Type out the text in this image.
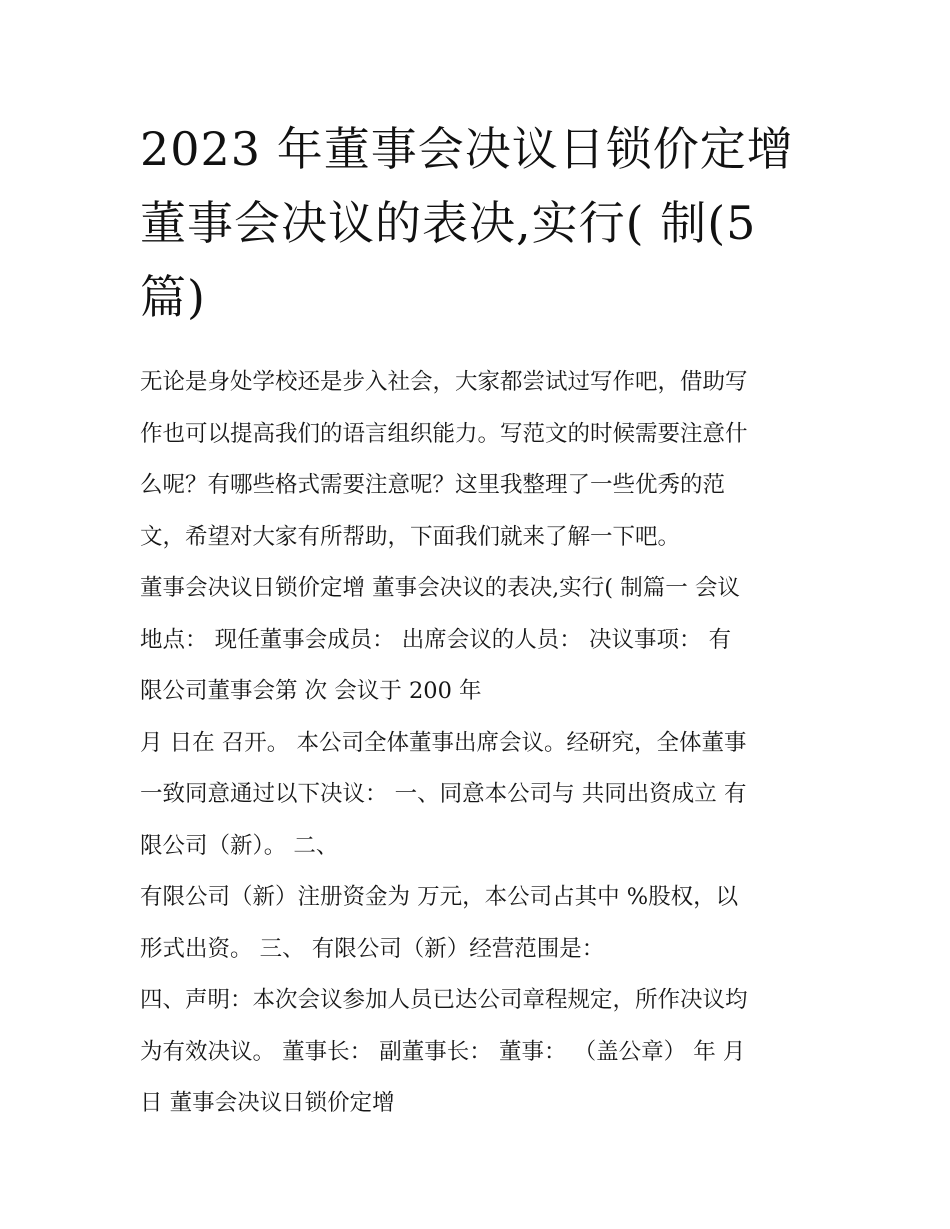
2023 年董事会决议日锁价定增
董事会决议的表决,实行( 制(5
篇)
无论是身处学校还是步入社会，大家都尝试过写作吧，借助写
作也可以提高我们的语言组织能力。写范文的时候需要注意什
么呢？有哪些格式需要注意呢？这里我整理了一些优秀的范
文，希望对大家有所帮助，下面我们就来了解一下吧。
董事会决议日锁价定增 董事会决议的表决,实行( 制篇一 会议
地点： 现任董事会成员： 出席会议的人员： 决议事项： 有
限公司董事会第 次 会议于 200 年
月 日在 召开。 本公司全体董事出席会议。经研究，全体董事
一致同意通过以下决议： 一、同意本公司与 共同出资成立 有
限公司（新）。 二、
有限公司（新）注册资金为 万元，本公司占其中 %股权，以
形式出资。 三、 有限公司（新）经营范围是：
四、声明：本次会议参加人员已达公司章程规定，所作决议均
为有效决议。 董事长： 副董事长： 董事： （盖公章） 年 月
日 董事会决议日锁价定增
